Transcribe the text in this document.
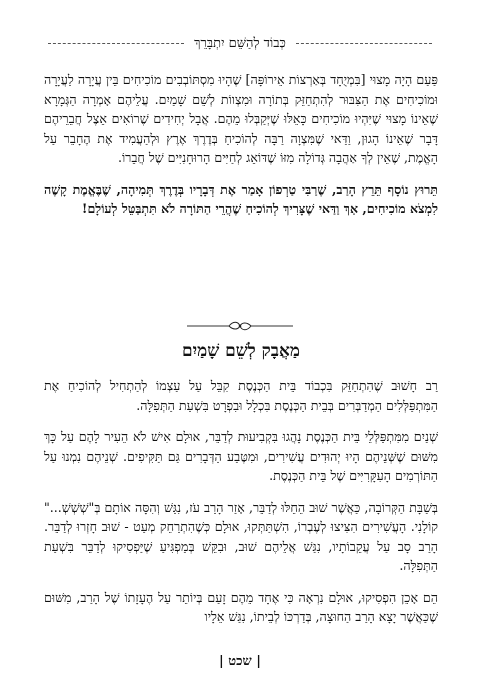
כְּבוֹד לְהַשֵּׁם יִתְבָּרֵךְ

פַּעַם הָיָה מָצוּי [בִּמְיֻחָד בְּאַרְצוֹת אֵירוֹפָּה] שֶׁהָיוּ מִסְתּוֹבְבִים מוֹכִיחִים בֵּין עֲיָרָה לַעֲיָרָה וּמוֹכִיחִים אֶת הַצִּבּוּר לְהִתְחַזֵּק בְּתוֹרָה וּמִצְווֹת לְשֵׁם שָׁמַיִם. עֲלֵיהֶם אָמְרָה הַגְּמָרָא שֶׁאֵינוֹ מָצוּי שֶׁיִּהְיוּ מוֹכִיחִים כָּאֵלּוּ שֶׁיְּקַבְּלוּ מֵהֶם. אֲבָל יְחִידִים שֶׁרוֹאִים אֵצֶל חֲבֵרֵיהֶם דָּבָר שֶׁאֵינוֹ הָגוּן, וַדַּאי שֶׁמִּצְוָה רַבָּה לְהוֹכִיחַ בְּדֶרֶךְ אֶרֶץ וּלְהַעֲמִיד אֶת הֶחָבֵר עַל הָאֱמֶת, שֶׁאֵין לְךָ אַהֲבָה גְּדוֹלָה מִזּוֹ שֶׁדּוֹאֵג לְחַיִּים הָרוּחָנִיִּים שֶׁל חֲבֵרוֹ.

תֵּרוּץ נוֹסָף תֵּרֵץ הָרַב, שֶׁרַבִּי טַרְפוֹן אָמַר אֶת דְּבָרָיו בְּדֶרֶךְ תְּמִיהָה, שֶׁבֶּאֱמֶת קָשֶׁה לִמְצֹא מוֹכִיחִים, אַךְ וַדַּאי שֶׁצָּרִיךְ לְהוֹכִיחַ שֶׁהֲרֵי הַתּוֹרָה לֹא תִּתְבַּטֵּל לְעוֹלָם!

מַאֲבָק לְשֵׁם שָׁמַיִם

רַב חָשׁוּב שֶׁהִתְחַזֵּק בִּכְבוֹד בֵּית הַכְּנֶסֶת קִבֵּל עַל עַצְמוֹ לְהַתְחִיל לְהוֹכִיחַ אֶת הַמִּתְפַּלְּלִים הַמְדַבְּרִים בְּבֵית הַכְּנֶסֶת בִּכְלָל וּבִפְרָט בִּשְׁעַת הַתְּפִלָּה.

שְׁנַיִם מִמִּתְפַּלְּלֵי בֵּית הַכְּנֶסֶת נָהֲגוּ בִּקְבִיעוּת לְדַבֵּר, אוּלָם אִישׁ לֹא הֵעִיר לָהֶם עַל כָּךְ מִשּׁוּם שֶׁשְּׁנֵיהֶם הָיוּ יְהוּדִים עֲשִׁירִים, וּמִטֶּבַע הַדְּבָרִים גַּם תַּקִּיפִים. שְׁנֵיהֶם נִמְנוּ עַל הַתּוֹרְמִים הָעִקָּרִיִּים שֶׁל בֵּית הַכְּנֶסֶת.

בְּשַׁבָּת הַקְּרוֹבָה, כַּאֲשֶׁר שׁוּב הֵחֵלּוּ לְדַבֵּר, אָזַר הָרַב עֹז, נִגַּשׁ וְהִסָּה אוֹתָם בְּ"שְׁשְׁשְׁ..." קוֹלָנִי. הָעֲשִׁירִים הִצִּיצוּ לְעֶבְרוֹ, הִשְׁתַּתְּקוּ, אוּלָם כְּשֶׁהִתְרַחֵק מְעַט - שׁוּב חָזְרוּ לְדַבֵּר. הָרַב סָב עַל עֲקֵבוֹתָיו, נִגַּשׁ אֲלֵיהֶם שׁוּב, וּבִקֵּשׁ בְּמַפְגִּיעַ שֶׁיַּפְסִיקוּ לְדַבֵּר בִּשְׁעַת הַתְּפִלָּה.

הֵם אָכֵן הִפְסִיקוּ, אוּלָם נִרְאָה כִּי אֶחָד מֵהֶם זָעַם בְּיוֹתֵר עַל הֶעָזָתוֹ שֶׁל הָרַב, מִשּׁוּם שֶׁכַּאֲשֶׁר יָצָא הָרַב הַחוּצָה, בְּדַרְכּוֹ לְבֵיתוֹ, נִגַּשׁ אֵלָיו

| שכט |
